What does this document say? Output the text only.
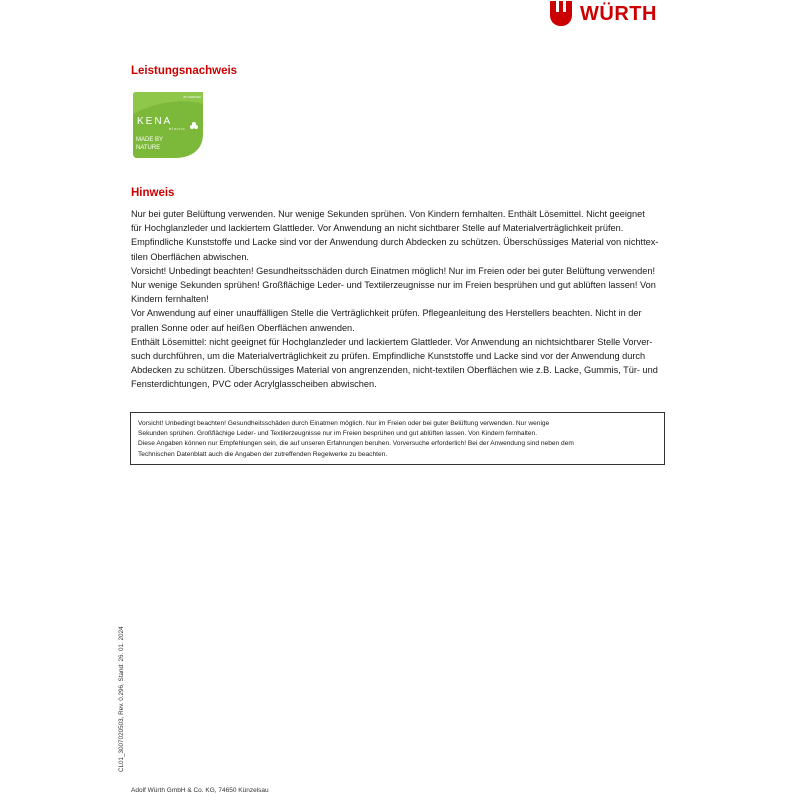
WÜRTH
Leistungsnachweis
BY KERONA
KENA
bionic
MADE BY
NATURE
Hinweis

Nur bei guter Belüftung verwenden. Nur wenige Sekunden sprühen. Von Kindern fernhalten. Enthält Lösemittel. Nicht geeignet

für Hochglanzleder und lackiertem Glattleder. Vor Anwendung an nicht sichtbarer Stelle auf Materialverträglichkeit prüfen.

Empfindliche Kunststoffe und Lacke sind vor der Anwendung durch Abdecken zu schützen. Überschüssiges Material von nichttex-

tilen Oberflächen abwischen.

Vorsicht! Unbedingt beachten! Gesundheitsschäden durch Einatmen möglich! Nur im Freien oder bei guter Belüftung verwenden!

Nur wenige Sekunden sprühen! Großflächige Leder- und Textilerzeugnisse nur im Freien besprühen und gut ablüften lassen! Von

Kindern fernhalten!

Vor Anwendung auf einer unauffälligen Stelle die Verträglichkeit prüfen. Pflegeanleitung des Herstellers beachten. Nicht in der

prallen Sonne oder auf heißen Oberflächen anwenden.

Enthält Lösemittel: nicht geeignet für Hochglanzleder und lackiertem Glattleder. Vor Anwendung an nichtsichtbarer Stelle Vorver-

such durchführen, um die Materialverträglichkeit zu prüfen. Empfindliche Kunststoffe und Lacke sind vor der Anwendung durch

Abdecken zu schützen. Überschüssiges Material von angrenzenden, nicht-textilen Oberflächen wie z.B. Lacke, Gummis, Tür- und

Fensterdichtungen, PVC oder Acrylglasscheiben abwischen.

Vorsicht! Unbedingt beachten! Gesundheitsschäden durch Einatmen möglich. Nur im Freien oder bei guter Belüftung verwenden. Nur wenige

Sekunden sprühen. Großflächige Leder- und Textilerzeugnisse nur im Freien besprühen und gut ablüften lassen. Von Kindern fernhalten.

Diese Angaben können nur Empfehlungen sein, die auf unseren Erfahrungen beruhen. Vorversuche erforderlich! Bei der Anwendung sind neben dem

Technischen Datenblatt auch die Angaben der zutreffenden Regelwerke zu beachten.

CL01_3007020503, Rev. 0.296, Stand: 26. 01. 2024
Adolf Würth GmbH & Co. KG, 74650 Künzelsau
